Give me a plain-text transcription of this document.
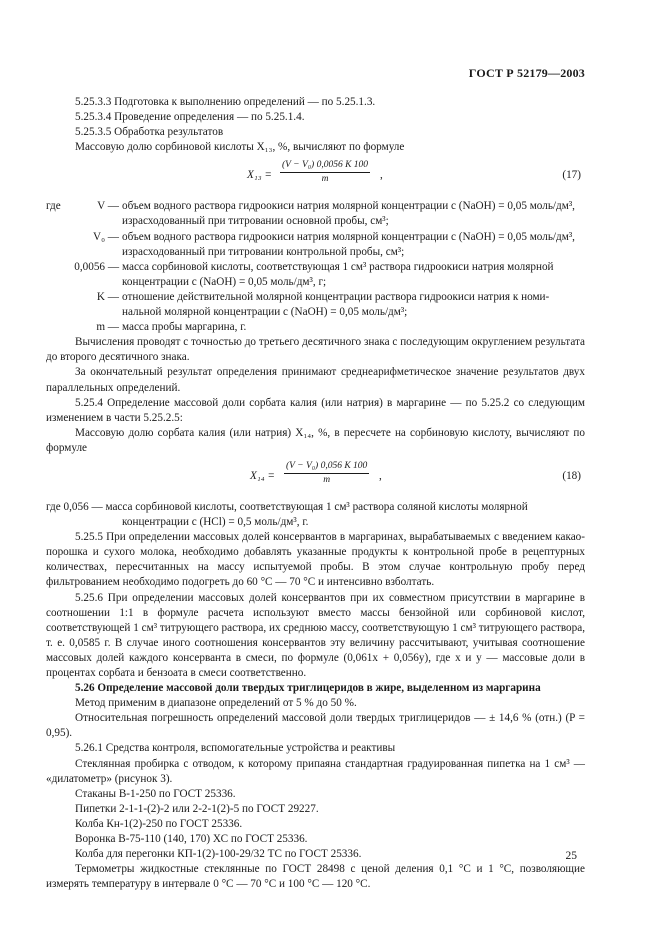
ГОСТ Р 52179—2003

5.25.3.3 Подготовка к выполнению определений — по 5.25.1.3.

5.25.3.4 Проведение определения — по 5.25.1.4.

5.25.3.5 Обработка результатов

Массовую долю сорбиновой кислоты X₁₃, %, вычисляют по формуле

$X_{13} = \frac{\text{(V − V₀) 0,0056 K 100}}{m}$ ,	(17)
где	V — объем водного раствора гидроокиси натрия молярной концентрации c (NaOH) = 0,05 моль/дм³,
израсходованный при титровании основной пробы, см³;
V₀ — объем водного раствора гидроокиси натрия молярной концентрации c (NaOH) = 0,05 моль/дм³,
израсходованный при титровании контрольной пробы, см³;
0,0056 — масса сорбиновой кислоты, соответствующая 1 см³ раствора гидроокиси натрия молярной
концентрации c (NaOH) = 0,05 моль/дм³, г;
K — отношение действительной молярной концентрации раствора гидроокиси натрия к номи-
нальной молярной концентрации c (NaOH) = 0,05 моль/дм³;
m — масса пробы маргарина, г.

Вычисления проводят с точностью до третьего десятичного знака с последующим округлением результата до второго десятичного знака.

За окончательный результат определения принимают среднеарифметическое значение результатов двух параллельных определений.

5.25.4 Определение массовой доли сорбата калия (или натрия) в маргарине — по 5.25.2 со следующим изменением в части 5.25.2.5:

Массовую долю сорбата калия (или натрия) X₁₄, %, в пересчете на сорбиновую кислоту, вычисляют по формуле

$X_{14} = \frac{\text{(V − V₀) 0,056 K 100}}{m}$ ,	(18)

где 0,056 — масса сорбиновой кислоты, соответствующая 1 см³ раствора соляной кислоты молярной

концентрации c (HCl) = 0,5 моль/дм³, г.

5.25.5 При определении массовых долей консервантов в маргаринах, вырабатываемых с введением какао-порошка и сухого молока, необходимо добавлять указанные продукты к контрольной пробе в рецептурных количествах, пересчитанных на массу испытуемой пробы. В этом случае контрольную пробу перед фильтрованием необходимо подогреть до 60 °С — 70 °С и интенсивно взболтать.

5.25.6 При определении массовых долей консервантов при их совместном присутствии в маргарине в соотношении 1:1 в формуле расчета используют вместо массы бензойной или сорбиновой кислот, соответствующей 1 см³ титрующего раствора, их среднюю массу, соответствующую 1 см³ титрующего раствора, т. е. 0,0585 г. В случае иного соотношения консервантов эту величину рассчитывают, учитывая соотношение массовых долей каждого консерванта в смеси, по формуле (0,061x + 0,056y), где x и y — массовые доли в процентах сорбата и бензоата в смеси соответственно.

5.26 Определение массовой доли твердых триглицеридов в жире, выделенном из маргарина

Метод применим в диапазоне определений от 5 % до 50 %.

Относительная погрешность определений массовой доли твердых триглицеридов — ± 14,6 % (отн.) (P = 0,95).

5.26.1 Средства контроля, вспомогательные устройства и реактивы

Стеклянная пробирка с отводом, к которому припаяна стандартная градуированная пипетка на 1 см³ — «дилатометр» (рисунок 3).

Стаканы В-1-250 по ГОСТ 25336.

Пипетки 2-1-1-(2)-2 или 2-2-1(2)-5 по ГОСТ 29227.

Колба Кн-1(2)-250 по ГОСТ 25336.

Воронка В-75-110 (140, 170) ХС по ГОСТ 25336.

Колба для перегонки КП-1(2)-100-29/32 ТС по ГОСТ 25336.

Термометры жидкостные стеклянные по ГОСТ 28498 с ценой деления 0,1 °С и 1 °С, позволяющие измерять температуру в интервале 0 °С — 70 °С и 100 °С — 120 °С.

25
